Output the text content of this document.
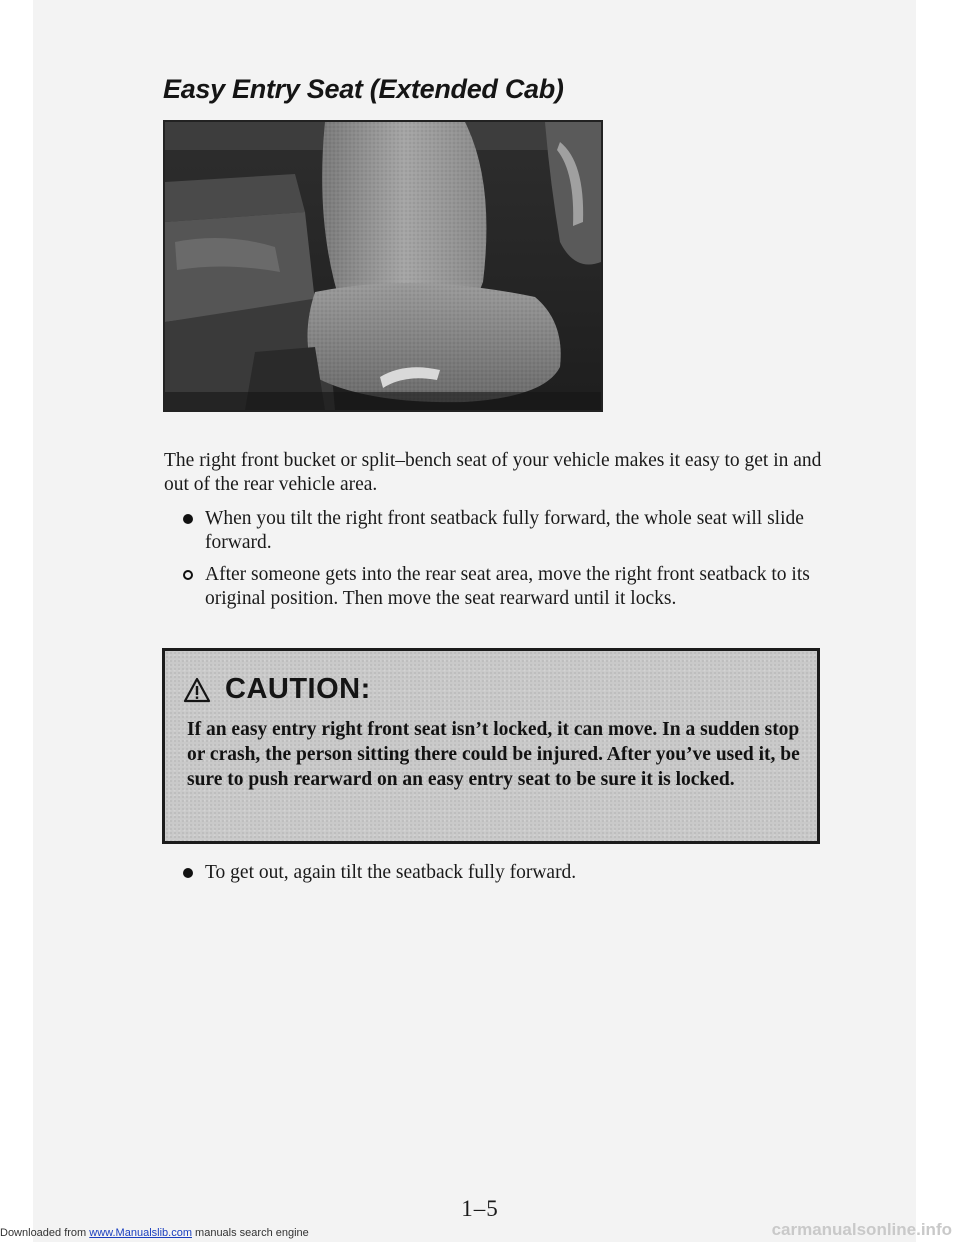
Easy Entry Seat (Extended Cab)

The right front bucket or split–bench seat of your vehicle makes it easy to get in and out of the rear vehicle area.

When you tilt the right front seatback fully forward, the whole seat will slide forward.
After someone gets into the rear seat area, move the right front seatback to its original position. Then move the seat rearward until it locks.
CAUTION:

If an easy entry right front seat isn’t locked, it can move. In a sudden stop or crash, the person sitting there could be injured. After you’ve used it, be sure to push rearward on an easy entry seat to be sure it is locked.

To get out, again tilt the seatback fully forward.
1–5
Downloaded from www.Manualslib.com manuals search engine	carmanualsonline.info
